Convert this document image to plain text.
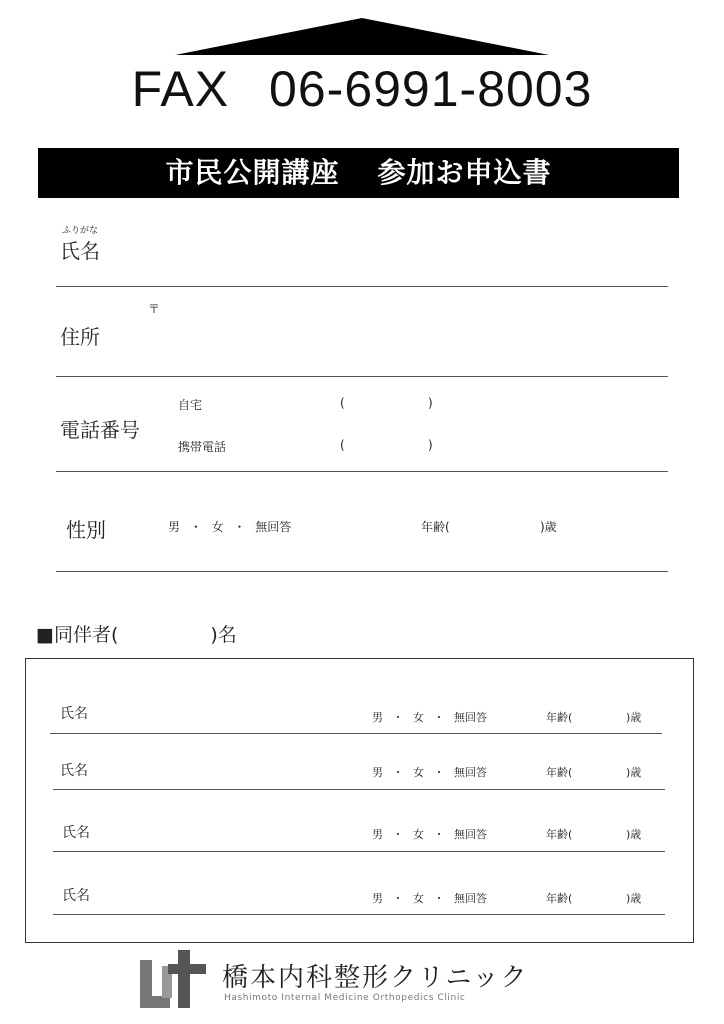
FAX 06-6991-8003
市民公開講座 参加お申込書
ふりがな
氏名
〒
住所
電話番号
自宅	(	)
携帯電話	(	)
性別	男 ・ 女 ・ 無回答	年齢(	)歳
■同伴者(	)名
氏名	男 ・ 女 ・ 無回答	年齢(	)歳
氏名	男 ・ 女 ・ 無回答	年齢(	)歳
氏名	男 ・ 女 ・ 無回答	年齢(	)歳
氏名	男 ・ 女 ・ 無回答	年齢(	)歳
橋本内科整形クリニック
Hashimoto Internal Medicine Orthopedics Clinic
